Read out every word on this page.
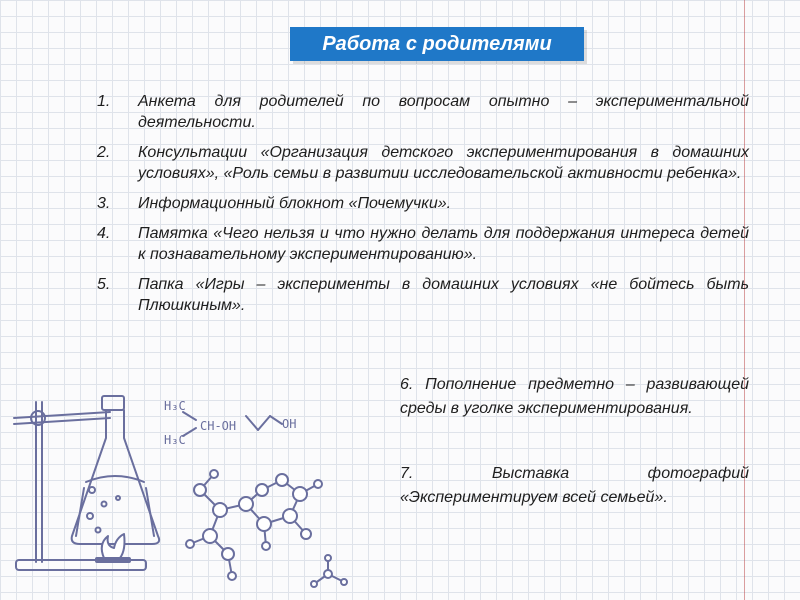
Работа с родителями
1.	Анкета для родителей по вопросам опытно – экспериментальной деятельности.
2.	Консультации «Организация детского экспериментирования в домашних условиях», «Роль семьи в развитии исследовательской активности ребенка».
3.	Информационный блокнот «Почемучки».
4.	Памятка «Чего нельзя и что нужно делать для поддержания интереса детей к познавательному экспериментированию».
5.	Папка «Игры – эксперименты в домашних условиях «не бойтесь быть Плюшкиным».
6. Пополнение предметно – развивающей среды в уголке экспериментирования.
7. Выставка фотографий «Экспериментируем всей семьей».
H₃C
H₃C
CH-OH	OH
